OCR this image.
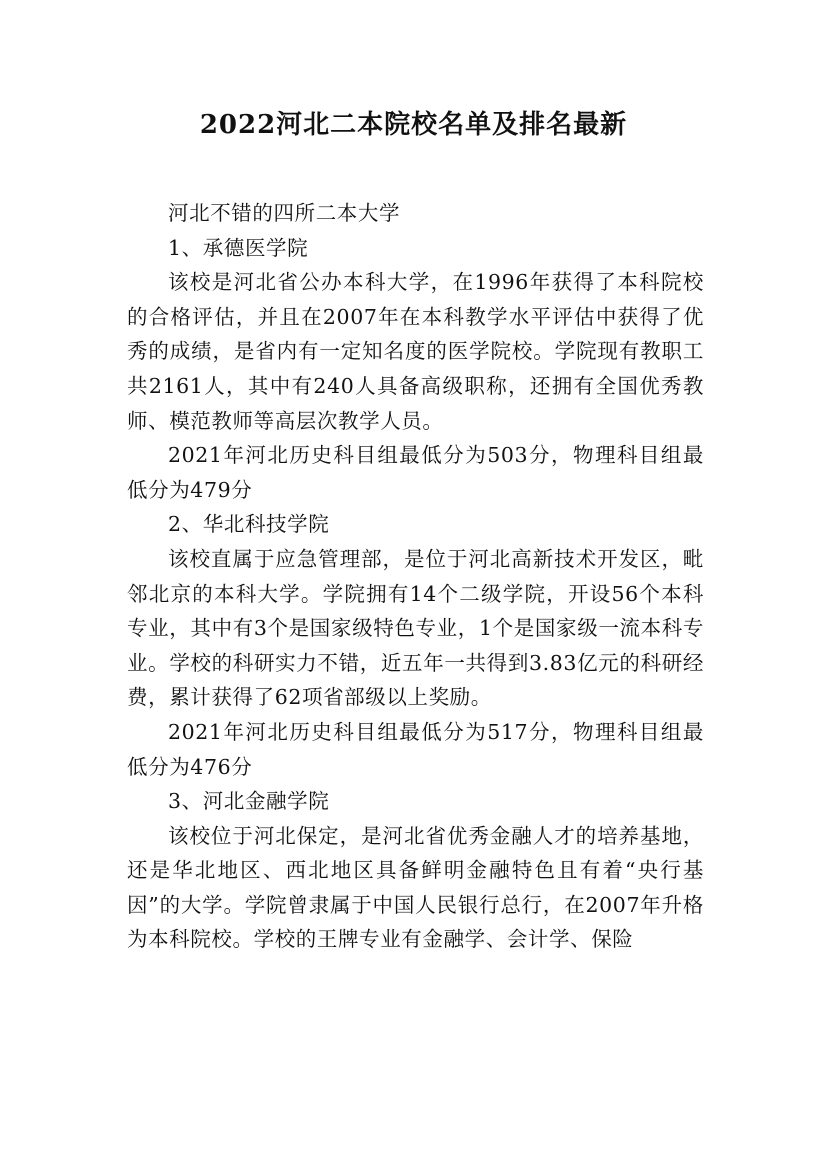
2022河北二本院校名单及排名最新

河北不错的四所二本大学

1、承德医学院

该校是河北省公办本科大学，在1996年获得了本科院校的合格评估，并且在2007年在本科教学水平评估中获得了优秀的成绩，是省内有一定知名度的医学院校。学院现有教职工共2161人，其中有240人具备高级职称，还拥有全国优秀教师、模范教师等高层次教学人员。

2021年河北历史科目组最低分为503分，物理科目组最低分为479分

2、华北科技学院

该校直属于应急管理部，是位于河北高新技术开发区，毗邻北京的本科大学。学院拥有14个二级学院，开设56个本科专业，其中有3个是国家级特色专业，1个是国家级一流本科专业。学校的科研实力不错，近五年一共得到3.83亿元的科研经费，累计获得了62项省部级以上奖励。

2021年河北历史科目组最低分为517分，物理科目组最低分为476分

3、河北金融学院

该校位于河北保定，是河北省优秀金融人才的培养基地，还是华北地区、西北地区具备鲜明金融特色且有着“央行基因”的大学。学院曾隶属于中国人民银行总行，在2007年升格为本科院校。学校的王牌专业有金融学、会计学、保险
